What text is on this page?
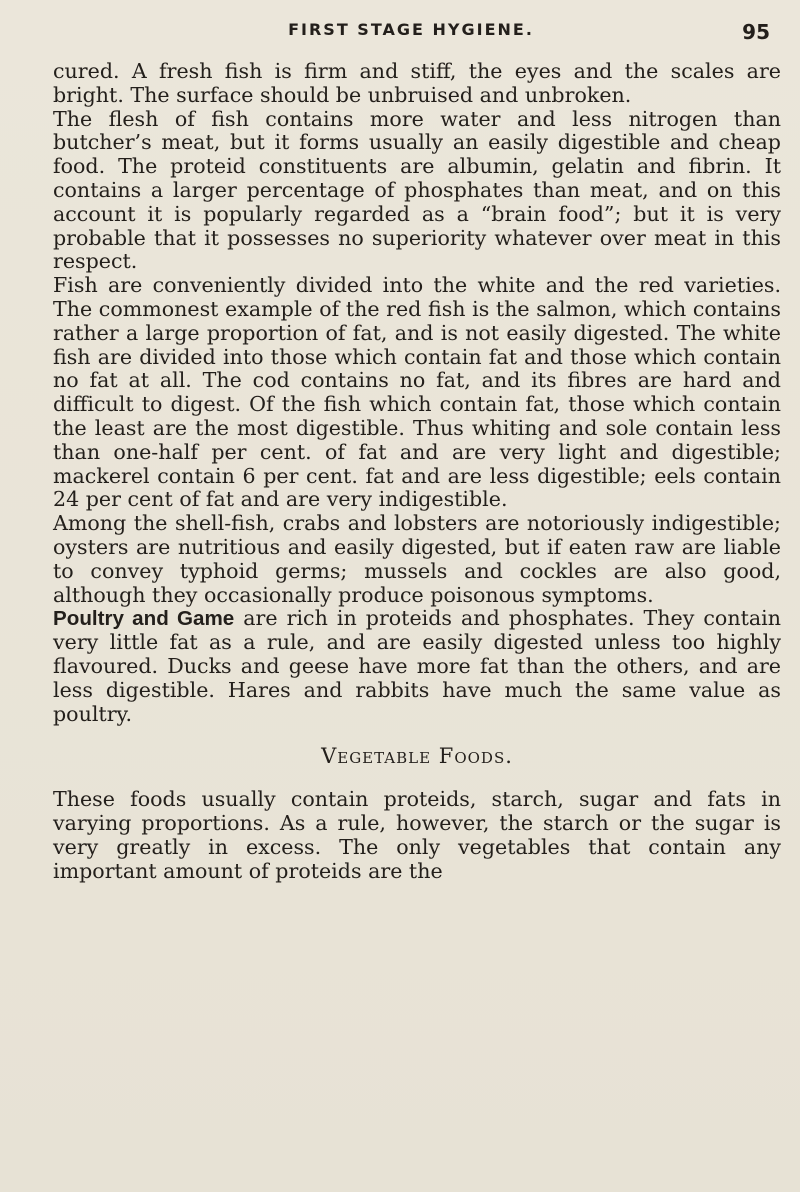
FIRST STAGE HYGIENE.	95

cured. A fresh fish is firm and stiff, the eyes and the scales are bright. The surface should be unbruised and unbroken.

The flesh of fish contains more water and less nitrogen than butcher’s meat, but it forms usually an easily digestible and cheap food. The proteid constituents are albumin, gelatin and fibrin. It contains a larger percentage of phosphates than meat, and on this account it is popularly regarded as a “brain food”; but it is very probable that it possesses no superiority whatever over meat in this respect.

Fish are conveniently divided into the white and the red varieties. The commonest example of the red fish is the salmon, which contains rather a large proportion of fat, and is not easily digested. The white fish are divided into those which contain fat and those which contain no fat at all. The cod contains no fat, and its fibres are hard and difficult to digest. Of the fish which contain fat, those which contain the least are the most digestible. Thus whiting and sole contain less than one-half per cent. of fat and are very light and digestible; mackerel contain 6 per cent. fat and are less digestible; eels contain 24 per cent of fat and are very indigestible.

Among the shell-fish, crabs and lobsters are notoriously indigestible; oysters are nutritious and easily digested, but if eaten raw are liable to convey typhoid germs; mussels and cockles are also good, although they occasionally produce poisonous symptoms.

Poultry and Game are rich in proteids and phosphates. They contain very little fat as a rule, and are easily digested unless too highly flavoured. Ducks and geese have more fat than the others, and are less digestible. Hares and rabbits have much the same value as poultry.

Vegetable Foods.

These foods usually contain proteids, starch, sugar and fats in varying proportions. As a rule, however, the starch or the sugar is very greatly in excess. The only vegetables that contain any important amount of proteids are the
